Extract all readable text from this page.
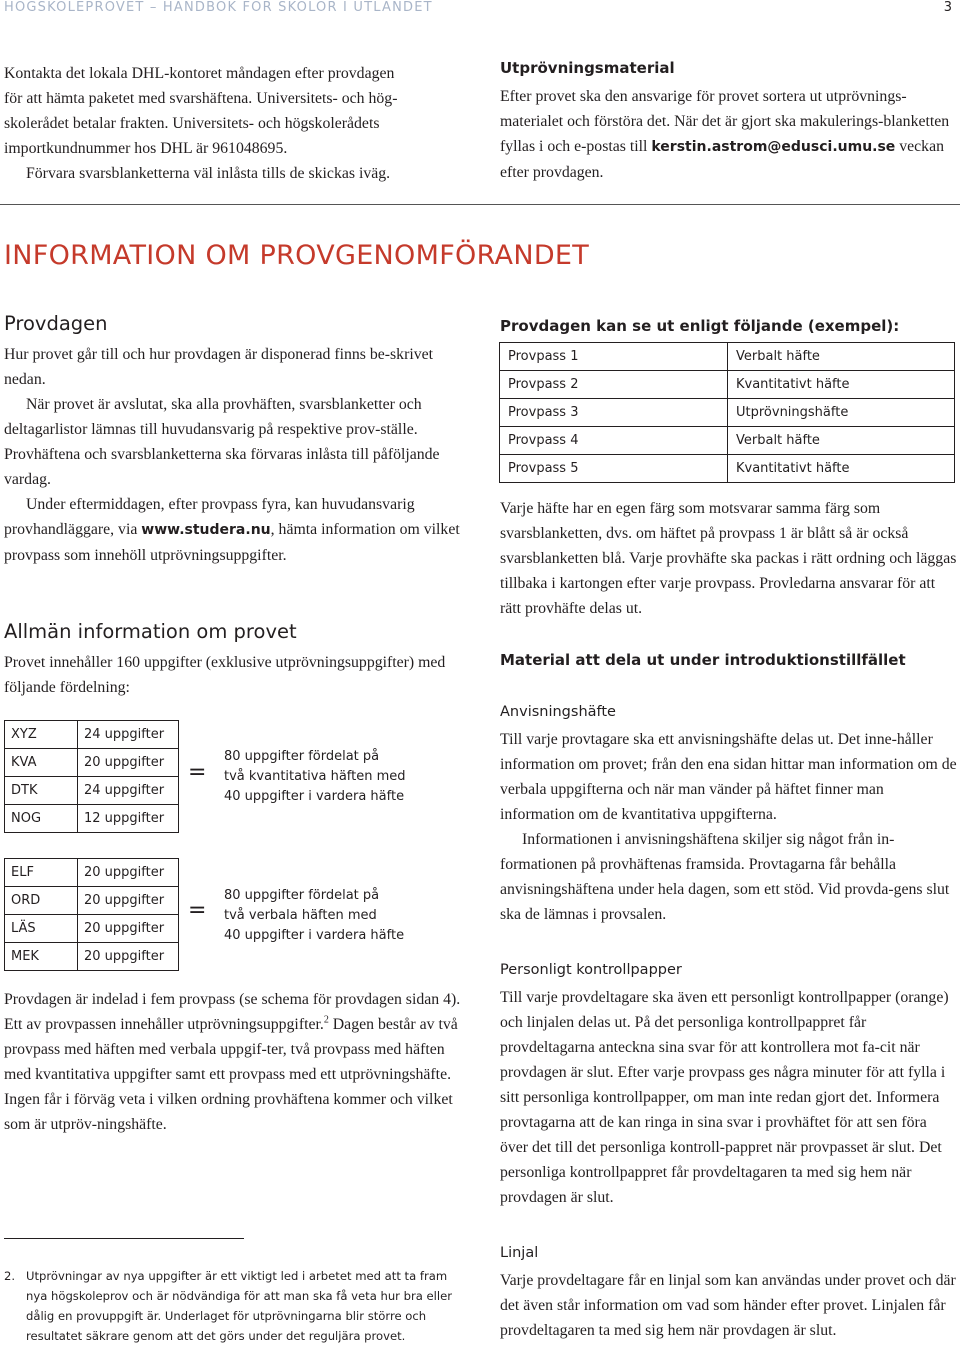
HÖGSKOLEPROVET – HANDBOK FÖR SKOLOR I UTLANDET	3
Kontakta det lokala DHL-kontoret måndagen efter provdagen
för att hämta paketet med svarshäftena. Universitets- och hög-
skolerådet betalar frakten. Universitets- och högskolerådets
importkundnummer hos DHL är 961048695.
Förvara svarsblanketterna väl inlåsta tills de skickas iväg.
Utprövningsmaterial

Efter provet ska den ansvarige för provet sortera ut utprövnings-materialet och förstöra det. När det är gjort ska makulerings-blanketten fyllas i och e-postas till kerstin.astrom@edusci.umu.se veckan efter provdagen.

INFORMATION OM PROVGENOMFÖRANDET
Provdagen

Hur provet går till och hur provdagen är disponerad finns be-skrivet nedan.

När provet är avslutat, ska alla provhäften, svarsblanketter och deltagarlistor lämnas till huvudansvarig på respektive prov-ställe. Provhäftena och svarsblanketterna ska förvaras inlåsta till påföljande vardag.

Under eftermiddagen, efter provpass fyra, kan huvudansvarig provhandläggare, via www.studera.nu, hämta information om vilket provpass som innehöll utprövningsuppgifter.

Allmän information om provet

Provet innehåller 160 uppgifter (exklusive utprövningsuppgifter) med följande fördelning:

XYZ	24 uppgifter
KVA	20 uppgifter
DTK	24 uppgifter
NOG	12 uppgifter
=
80 uppgifter fördelat på
två kvantitativa häften med
40 uppgifter i vardera häfte
ELF	20 uppgifter
ORD	20 uppgifter
LÄS	20 uppgifter
MEK	20 uppgifter
=
80 uppgifter fördelat på
två verbala häften med
40 uppgifter i vardera häfte

Provdagen är indelad i fem provpass (se schema för provdagen sidan 4). Ett av provpassen innehåller utprövningsuppgifter.$^2$ Dagen består av två provpass med häften med verbala uppgif-ter, två provpass med häften med kvantitativa uppgifter samt ett provpass med ett utprövningshäfte. Ingen får i förväg veta i vilken ordning provhäftena kommer och vilket som är utpröv-ningshäfte.

2. Utprövningar av nya uppgifter är ett viktigt led i arbetet med att ta fram nya högskoleprov och är nödvändiga för att man ska få veta hur bra eller dålig en provuppgift är. Underlaget för utprövningarna blir större och resultatet säkrare genom att det görs under det reguljära provet.
Provdagen kan se ut enligt följande (exempel):
Provpass 1	Verbalt häfte
Provpass 2	Kvantitativt häfte
Provpass 3	Utprövningshäfte
Provpass 4	Verbalt häfte
Provpass 5	Kvantitativt häfte

Varje häfte har en egen färg som motsvarar samma färg som svarsblanketten, dvs. om häftet på provpass 1 är blått så är också svarsblanketten blå. Varje provhäfte ska packas i rätt ordning och läggas tillbaka i kartongen efter varje provpass. Provledarna ansvarar för att rätt provhäfte delas ut.

Material att dela ut under introduktionstillfället
Anvisningshäfte

Till varje provtagare ska ett anvisningshäfte delas ut. Det inne-håller information om provet; från den ena sidan hittar man information om de verbala uppgifterna och när man vänder på häftet finner man information om de kvantitativa uppgifterna.

Informationen i anvisningshäftena skiljer sig något från in-formationen på provhäftenas framsida. Provtagarna får behålla anvisningshäftena under hela dagen, som ett stöd. Vid provda-gens slut ska de lämnas i provsalen.

Personligt kontrollpapper

Till varje provdeltagare ska även ett personligt kontrollpapper (orange) och linjalen delas ut. På det personliga kontrollpappret får provdeltagarna anteckna sina svar för att kontrollera mot fa-cit när provdagen är slut. Efter varje provpass ges några minuter för att fylla i sitt personliga kontrollpapper, om man inte redan gjort det. Informera provtagarna att de kan ringa in sina svar i provhäftet för att sen föra över det till det personliga kontroll-pappret när provpasset är slut. Det personliga kontrollpappret får provdeltagaren ta med sig hem när provdagen är slut.

Linjal

Varje provdeltagare får en linjal som kan användas under provet och där det även står information om vad som händer efter provet. Linjalen får provdeltagaren ta med sig hem när provdagen är slut.
